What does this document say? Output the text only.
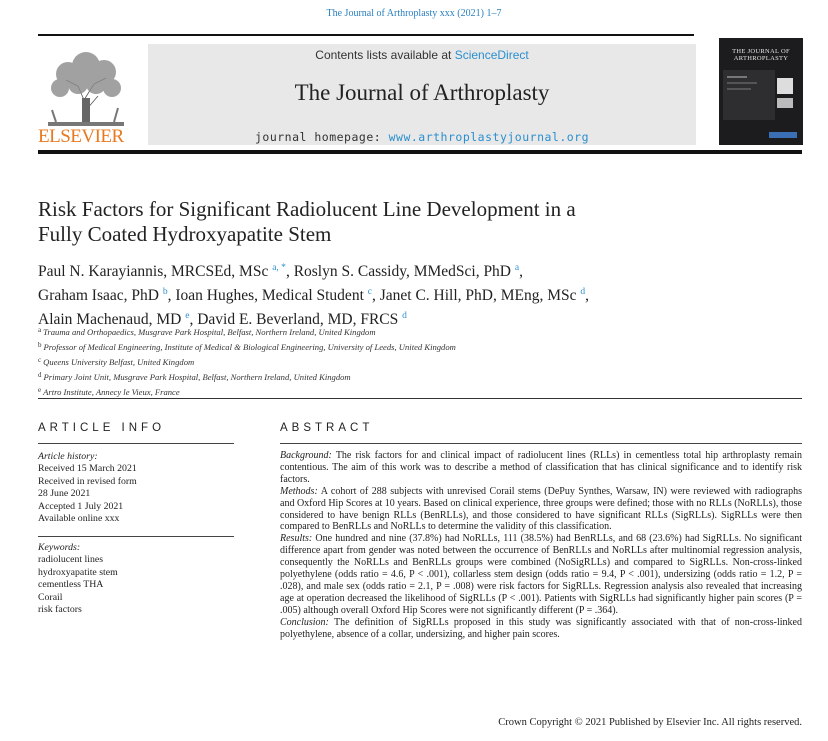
The Journal of Arthroplasty xxx (2021) 1–7
Contents lists available at ScienceDirect
The Journal of Arthroplasty
journal homepage: www.arthroplastyjournal.org
ELSEVIER
THE JOURNAL OF ARTHROPLASTY
Risk Factors for Significant Radiolucent Line Development in a
Fully Coated Hydroxyapatite Stem
Paul N. Karayiannis, MRCSEd, MSc $^{a, *}$, Roslyn S. Cassidy, MMedSci, PhD $^a$,
Graham Isaac, PhD $^b$, Ioan Hughes, Medical Student $^c$, Janet C. Hill, PhD, MEng, MSc $^d$,
Alain Machenaud, MD $^e$, David E. Beverland, MD, FRCS $^d$
$^a$ Trauma and Orthopaedics, Musgrave Park Hospital, Belfast, Northern Ireland, United Kingdom
$^b$ Professor of Medical Engineering, Institute of Medical & Biological Engineering, University of Leeds, United Kingdom
$^c$ Queens University Belfast, United Kingdom
$^d$ Primary Joint Unit, Musgrave Park Hospital, Belfast, Northern Ireland, United Kingdom
$^e$ Artro Institute, Annecy le Vieux, France
ARTICLE INFO	ABSTRACT
Article history:
Received 15 March 2021
Received in revised form
28 June 2021
Accepted 1 July 2021
Available online xxx
Keywords:
radiolucent lines
hydroxyapatite stem
cementless THA
Corail
risk factors

Background: The risk factors for and clinical impact of radiolucent lines (RLLs) in cementless total hip arthroplasty remain contentious. The aim of this work was to describe a method of classification that has clinical significance and to identify risk factors.

Methods: A cohort of 288 subjects with unrevised Corail stems (DePuy Synthes, Warsaw, IN) were reviewed with radiographs and Oxford Hip Scores at 10 years. Based on clinical experience, three groups were defined; those with no RLLs (NoRLLs), those considered to have benign RLLs (BenRLLs), and those considered to have significant RLLs (SigRLLs). SigRLLs were then compared to BenRLLs and NoRLLs to determine the validity of this classification.

Results: One hundred and nine (37.8%) had NoRLLs, 111 (38.5%) had BenRLLs, and 68 (23.6%) had SigRLLs. No significant difference apart from gender was noted between the occurrence of BenRLLs and NoRLLs after multinomial regression analysis, consequently the NoRLLs and BenRLLs groups were combined (NoSigRLLs) and compared to SigRLLs. Non-cross-linked polyethylene (odds ratio = 4.6, P < .001), collarless stem design (odds ratio = 9.4, P < .001), undersizing (odds ratio = 1.2, P = .028), and male sex (odds ratio = 2.1, P = .008) were risk factors for SigRLLs. Regression analysis also revealed that increasing age at operation decreased the likelihood of SigRLLs (P < .001). Patients with SigRLLs had significantly higher pain scores (P = .005) although overall Oxford Hip Scores were not significantly different (P = .364).

Conclusion: The definition of SigRLLs proposed in this study was significantly associated with that of non-cross-linked polyethylene, absence of a collar, undersizing, and higher pain scores.

Crown Copyright © 2021 Published by Elsevier Inc. All rights reserved.
